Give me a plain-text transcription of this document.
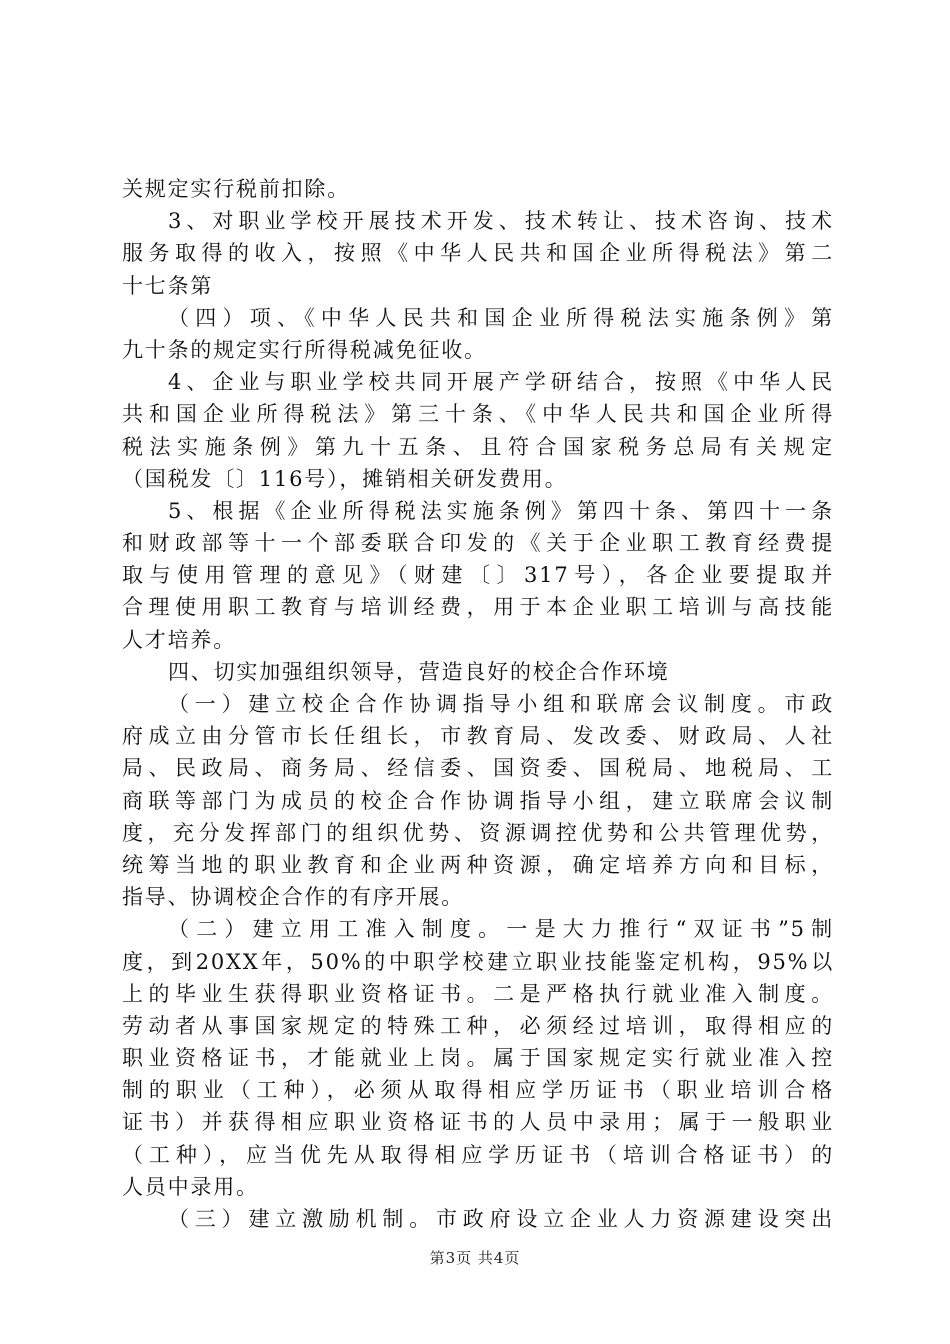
关规定实行税前扣除。
3、对职业学校开展技术开发、技术转让、技术咨询、技术
服务取得的收入，按照《中华人民共和国企业所得税法》第二
十七条第
（四）项、《中华人民共和国企业所得税法实施条例》第
九十条的规定实行所得税减免征收。
4、企业与职业学校共同开展产学研结合，按照《中华人民
共和国企业所得税法》第三十条、《中华人民共和国企业所得
税法实施条例》第九十五条、且符合国家税务总局有关规定
（国税发〔〕116号），摊销相关研发费用。
5、根据《企业所得税法实施条例》第四十条、第四十一条
和财政部等十一个部委联合印发的《关于企业职工教育经费提
取与使用管理的意见》（财建〔〕317号），各企业要提取并
合理使用职工教育与培训经费，用于本企业职工培训与高技能
人才培养。
四、切实加强组织领导，营造良好的校企合作环境
（一）建立校企合作协调指导小组和联席会议制度。市政
府成立由分管市长任组长，市教育局、发改委、财政局、人社
局、民政局、商务局、经信委、国资委、国税局、地税局、工
商联等部门为成员的校企合作协调指导小组，建立联席会议制
度，充分发挥部门的组织优势、资源调控优势和公共管理优势，
统筹当地的职业教育和企业两种资源，确定培养方向和目标，
指导、协调校企合作的有序开展。
（二）建立用工准入制度。一是大力推行“双证书”5制
度，到20XX年，50%的中职学校建立职业技能鉴定机构，95%以
上的毕业生获得职业资格证书。二是严格执行就业准入制度。
劳动者从事国家规定的特殊工种，必须经过培训，取得相应的
职业资格证书，才能就业上岗。属于国家规定实行就业准入控
制的职业（工种），必须从取得相应学历证书（职业培训合格
证书）并获得相应职业资格证书的人员中录用；属于一般职业
（工种），应当优先从取得相应学历证书（培训合格证书）的
人员中录用。
（三）建立激励机制。市政府设立企业人力资源建设突出
第3页 共4页
